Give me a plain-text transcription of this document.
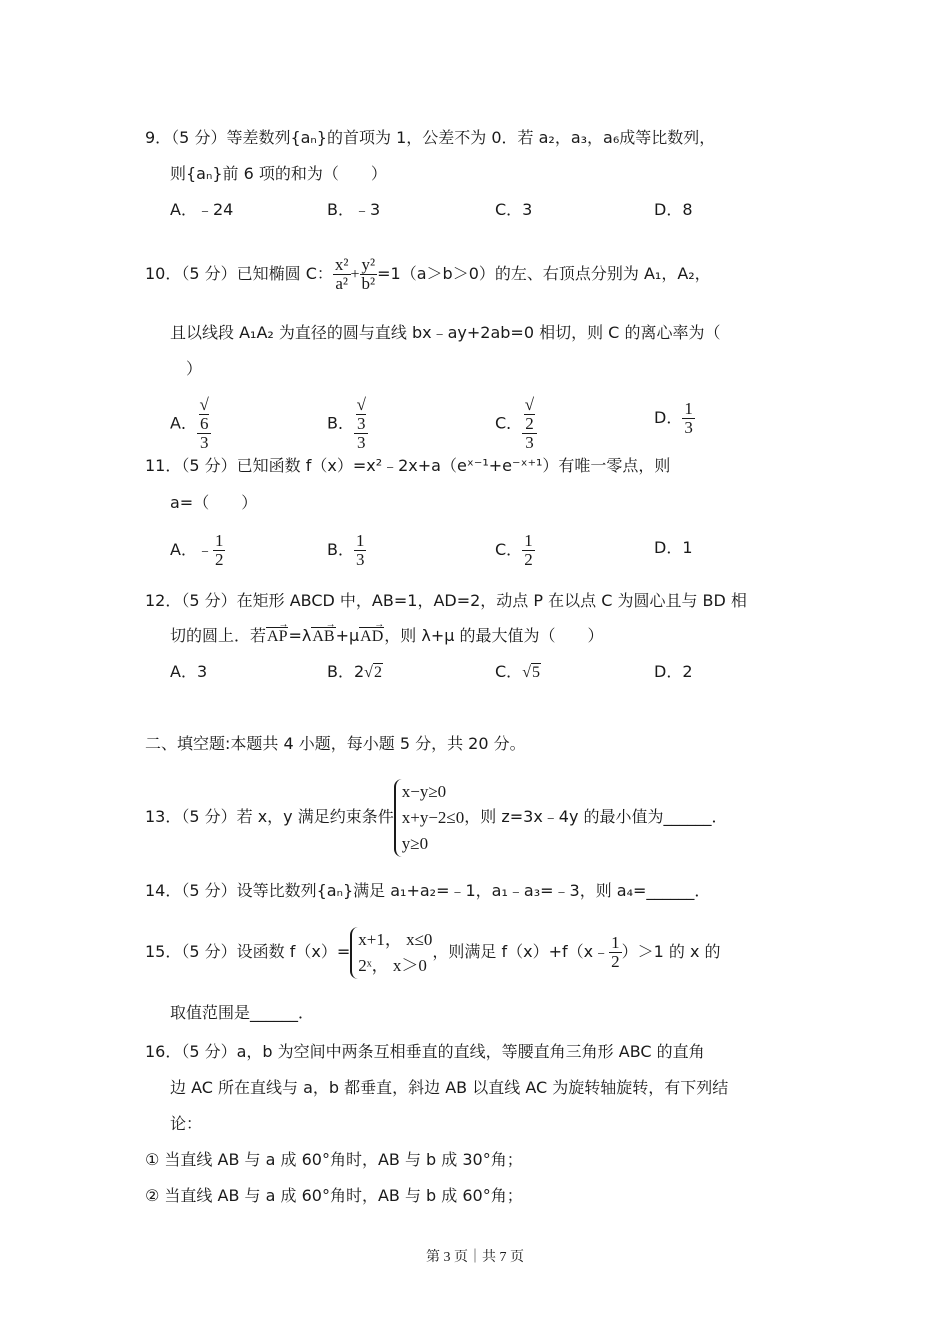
9．（5 分）等差数列{aₙ}的首项为 1，公差不为 0．若 a₂，a₃，a₆成等比数列，
则{aₙ}前 6 项的和为（　　）
A．﹣24	B．﹣3	C．3	D．8
10．（5 分）已知椭圆 C： $\frac{\text{x²}}{\text{a²}} + \frac{\text{y²}}{\text{b²}} =1(a>b>0)$的左、右顶点分别为 A₁，A₂，
且以线段 A₁A₂ 为直径的圆与直线 bx﹣ay+2ab=0 相切，则 C 的离心率为（
）
A． √
6
3	B． √
3
3	C． √
2
3	D． $\frac{1}{3}$
11．（5 分）已知函数 f（x）=x²﹣2x+a（eˣ⁻¹+e⁻ˣ⁺¹）有唯一零点，则
a=（　　）
A．﹣ $\frac{1}{2}$	B． $\frac{1}{3}$	C． $\frac{1}{2}$	D．1
12．（5 分）在矩形 ABCD 中，AB=1，AD=2，动点 P 在以点 C 为圆心且与 BD 相
切的圆上．若
→
AP=λ
→
AB+μ
→
AD，则 λ+μ 的最大值为（　　）
A．3	B．2√2	C．√5	D．2
二、填空题:本题共 4 小题，每小题 5 分，共 20 分。
13．（5 分）若 x，y 满足约束条件
x−y≥0
x+y−2≤0
y≥0
，则 z=3x﹣4y 的最小值为______．
14．（5 分）设等比数列{aₙ}满足 a₁+a₂=﹣1，a₁﹣a₃=﹣3，则 a₄=______．
15．（5 分）设函数 f（x）=
x+1， x≤0
2ˣ， x＞0
，则满足 f（x）+f（x﹣ $\frac{1}{2} )>1$ 的 x 的
取值范围是______．
16．（5 分）a，b 为空间中两条互相垂直的直线，等腰直角三角形 ABC 的直角
边 AC 所在直线与 a，b 都垂直，斜边 AB 以直线 AC 为旋转轴旋转，有下列结
论：
① 当直线 AB 与 a 成 60°角时，AB 与 b 成 30°角；
② 当直线 AB 与 a 成 60°角时，AB 与 b 成 60°角；
第 3 页｜共 7 页
